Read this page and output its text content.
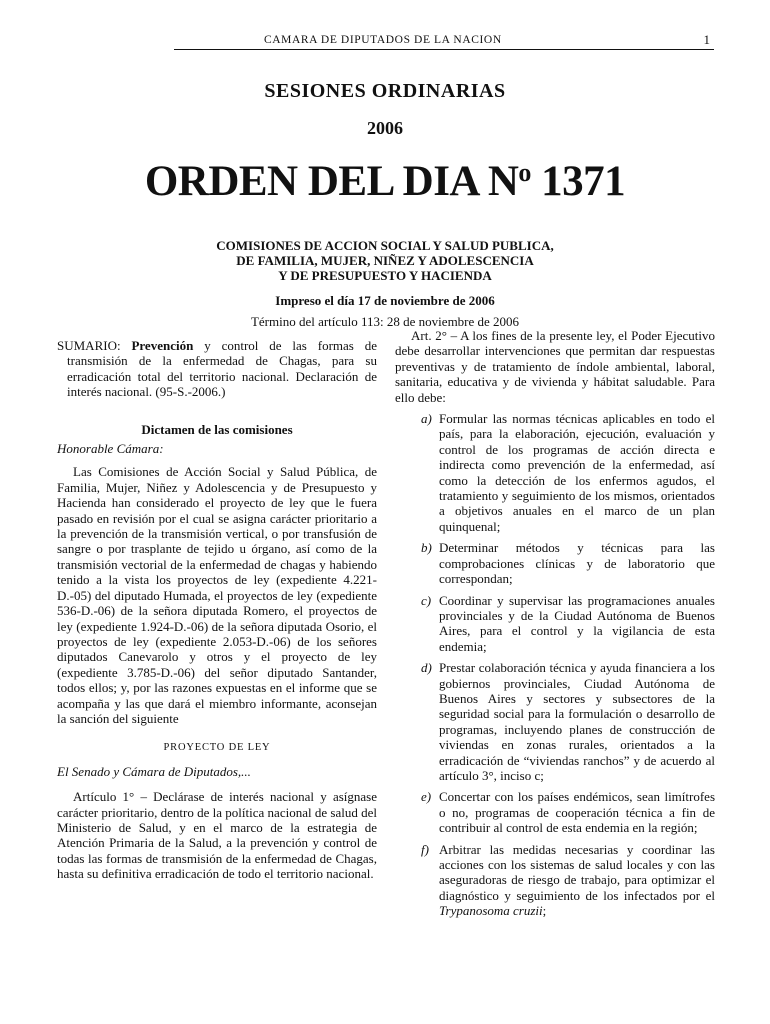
CAMARA DE DIPUTADOS DE LA NACION	1
SESIONES ORDINARIAS
2006
ORDEN DEL DIA $N^o$ 1371
COMISIONES DE ACCION SOCIAL Y SALUD PUBLICA,
DE FAMILIA, MUJER, NIÑEZ Y ADOLESCENCIA
Y DE PRESUPUESTO Y HACIENDA
Impreso el día 17 de noviembre de 2006
Término del artículo 113: 28 de noviembre de 2006

SUMARIO: Prevención y control de las formas de transmisión de la enfermedad de Chagas, para su erradicación total del territorio nacional. Declaración de interés nacional. (95-S.-2006.)

Dictamen de las comisiones
Honorable Cámara:

Las Comisiones de Acción Social y Salud Pública, de Familia, Mujer, Niñez y Adolescencia y de Presupuesto y Hacienda han considerado el proyecto de ley que le fuera pasado en revisión por el cual se asigna carácter prioritario a la prevención de la transmisión vertical, o por transfusión de sangre o por trasplante de tejido u órgano, así como de la transmisión vectorial de la enfermedad de chagas y habiendo tenido a la vista los proyectos de ley (expediente 4.221-D.-05) del diputado Humada, el proyectos de ley (expediente 536-D.-06) de la señora diputada Romero, el proyectos de ley (expediente 1.924-D.-06) de la señora diputada Osorio, el proyectos de ley (expediente 2.053-D.-06) de los señores diputados Canevarolo y otros y el proyecto de ley (expediente 3.785-D.-06) del señor diputado Santander, todos ellos; y, por las razones expuestas en el informe que se acompaña y las que dará el miembro informante, aconsejan la sanción del siguiente

PROYECTO DE LEY
El Senado y Cámara de Diputados,...

Artículo 1° – Declárase de interés nacional y asígnase carácter prioritario, dentro de la política nacional de salud del Ministerio de Salud, y en el marco de la estrategia de Atención Primaria de la Salud, a la prevención y control de todas las formas de transmisión de la enfermedad de Chagas, hasta su definitiva erradicación de todo el territorio nacional.

Art. 2° – A los fines de la presente ley, el Poder Ejecutivo debe desarrollar intervenciones que permitan dar respuestas preventivas y de tratamiento de índole ambiental, laboral, sanitaria, educativa y de vivienda y hábitat saludable. Para ello debe:

a) Formular las normas técnicas aplicables en todo el país, para la elaboración, ejecución, evaluación y control de los programas de acción directa e indirecta como prevención de la enfermedad, así como la detección de los enfermos agudos, el tratamiento y seguimiento de los mismos, orientados a objetivos anuales en el marco de un plan quinquenal;
b) Determinar métodos y técnicas para las comprobaciones clínicas y de laboratorio que correspondan;
c) Coordinar y supervisar las programaciones anuales provinciales y de la Ciudad Autónoma de Buenos Aires, para el control y la vigilancia de esta endemia;
d) Prestar colaboración técnica y ayuda financiera a los gobiernos provinciales, Ciudad Autónoma de Buenos Aires y sectores y subsectores de la seguridad social para la formulación o desarrollo de programas, incluyendo planes de construcción de viviendas en zonas rurales, orientados a la erradicación de “viviendas ranchos” y de acuerdo al artículo 3°, inciso c;
e) Concertar con los países endémicos, sean limítrofes o no, programas de cooperación técnica a fin de contribuir al control de esta endemia en la región;
f) Arbitrar las medidas necesarias y coordinar las acciones con los sistemas de salud locales y con las aseguradoras de riesgo de trabajo, para optimizar el diagnóstico y seguimiento de los infectados por el Trypanosoma cruzii;
